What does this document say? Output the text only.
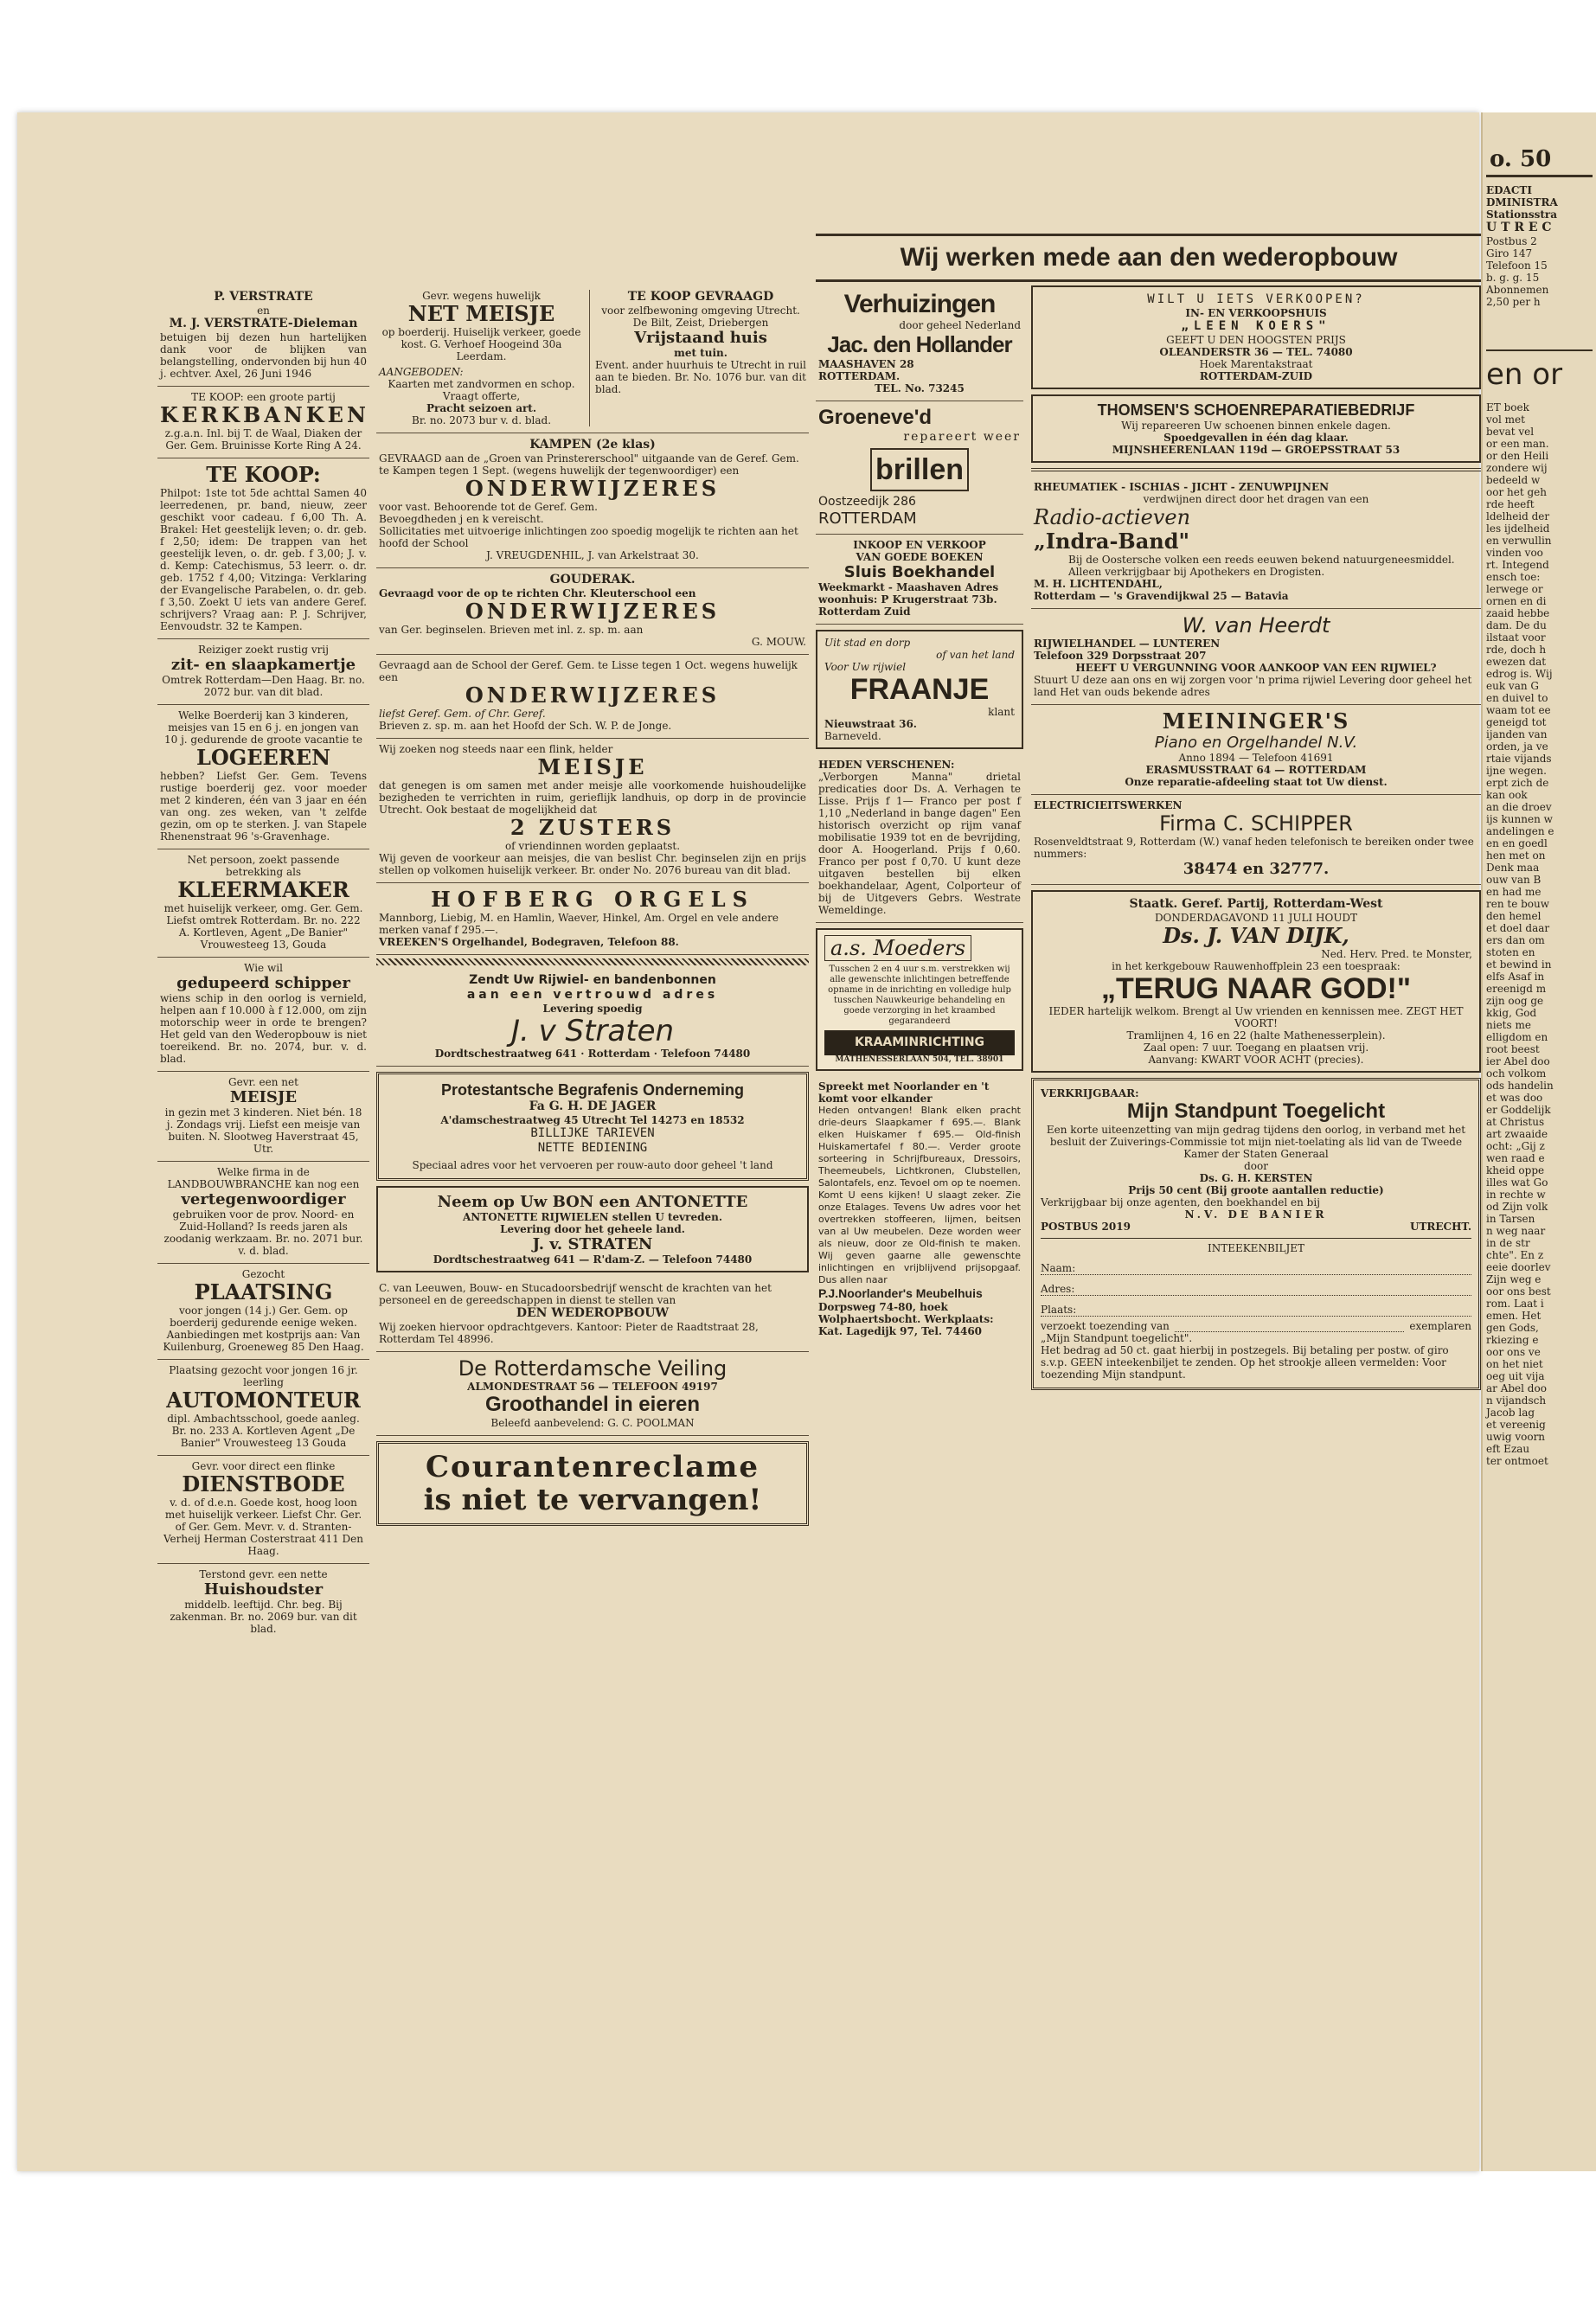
P. VERSTRATE
en
M. J. VERSTRATE-Dieleman
betuigen bij dezen hun hartelijken dank voor de blijken van belangstelling, ondervonden bij hun 40 j. echtver. Axel, 26 Juni 1946
TE KOOP: een groote partij
KERKBANKEN
z.g.a.n. Inl. bij T. de Waal, Diaken der Ger. Gem. Bruinisse Korte Ring A 24.
TE KOOP:
Philpot: 1ste tot 5de achttal Samen 40 leerredenen, pr. band, nieuw, zeer geschikt voor cadeau. f 6,00 Th. A. Brakel: Het geestelijk leven; o. dr. geb. f 2,50; idem: De trappen van het geestelijk leven, o. dr. geb. f 3,00; J. v. d. Kemp: Catechismus, 53 leerr. o. dr. geb. 1752 f 4,00; Vitzinga: Verklaring der Evangelische Parabelen, o. dr. geb. f 3,50. Zoekt U iets van andere Geref. schrijvers? Vraag aan: P. J. Schrijver, Eenvoudstr. 32 te Kampen.
Reiziger zoekt rustig vrij
zit- en slaapkamertje
Omtrek Rotterdam—Den Haag. Br. no. 2072 bur. van dit blad.
Welke Boerderij kan 3 kinderen, meisjes van 15 en 6 j. en jongen van 10 j. gedurende de groote vacantie te
LOGEEREN
hebben? Liefst Ger. Gem. Tevens rustige boerderij gez. voor moeder met 2 kinderen, één van 3 jaar en één van ong. zes weken, van 't zelfde gezin, om op te sterken. J. van Stapele Rhenenstraat 96 's-Gravenhage.
Net persoon, zoekt passende betrekking als
KLEERMAKER
met huiselijk verkeer, omg. Ger. Gem. Liefst omtrek Rotterdam. Br. no. 222 A. Kortleven, Agent „De Banier" Vrouwesteeg 13, Gouda
Wie wil
gedupeerd schipper
wiens schip in den oorlog is vernield, helpen aan f 10.000 à f 12.000, om zijn motorschip weer in orde te brengen? Het geld van den Wederopbouw is niet toereikend. Br. no. 2074, bur. v. d. blad.
Gevr. een net
MEISJE
in gezin met 3 kinderen. Niet bén. 18 j. Zondags vrij. Liefst een meisje van buiten. N. Slootweg Haverstraat 45, Utr.
Welke firma in de LANDBOUWBRANCHE kan nog een
vertegenwoordiger
gebruiken voor de prov. Noord- en Zuid-Holland? Is reeds jaren als zoodanig werkzaam. Br. no. 2071 bur. v. d. blad.
Gezocht
PLAATSING
voor jongen (14 j.) Ger. Gem. op boerderij gedurende eenige weken. Aanbiedingen met kostprijs aan: Van Kuilenburg, Groeneweg 85 Den Haag.
Plaatsing gezocht voor jongen 16 jr. leerling
AUTOMONTEUR
dipl. Ambachtsschool, goede aanleg. Br. no. 233 A. Kortleven Agent „De Banier" Vrouwesteeg 13 Gouda
Gevr. voor direct een flinke
DIENSTBODE
v. d. of d.e.n. Goede kost, hoog loon met huiselijk verkeer. Liefst Chr. Ger. of Ger. Gem. Mevr. v. d. Stranten-Verheij Herman Costerstraat 411 Den Haag.
Terstond gevr. een nette
Huishoudster
middelb. leeftijd. Chr. beg. Bij zakenman. Br. no. 2069 bur. van dit blad.
Gevr. wegens huwelijk
NET MEISJE
op boerderij. Huiselijk verkeer, goede kost. G. Verhoef Hoogeind 30a Leerdam.
AANGEBODEN:
Kaarten met zandvormen en schop. Vraagt offerte,
Pracht seizoen art.
Br. no. 2073 bur v. d. blad.
TE KOOP GEVRAAGD
voor zelfbewoning omgeving Utrecht. De Bilt, Zeist, Driebergen
Vrijstaand huis
met tuin.
Event. ander huurhuis te Utrecht in ruil aan te bieden. Br. No. 1076 bur. van dit blad.
KAMPEN (2e klas)
GEVRAAGD aan de „Groen van Prinstererschool" uitgaande van de Geref. Gem. te Kampen tegen 1 Sept. (wegens huwelijk der tegenwoordiger) een
ONDERWIJZERES
voor vast. Behoorende tot de Geref. Gem.
Bevoegdheden j en k vereischt.
Sollicitaties met uitvoerige inlichtingen zoo spoedig mogelijk te richten aan het hoofd der School
J. VREUGDENHIL, J. van Arkelstraat 30.
GOUDERAK.
Gevraagd voor de op te richten Chr. Kleuterschool een
ONDERWIJZERES
van Ger. beginselen. Brieven met inl. z. sp. m. aan
G. MOUW.
Gevraagd aan de School der Geref. Gem. te Lisse tegen 1 Oct. wegens huwelijk een
ONDERWIJZERES
liefst Geref. Gem. of Chr. Geref.
Brieven z. sp. m. aan het Hoofd der Sch. W. P. de Jonge.
Wij zoeken nog steeds naar een flink, helder
MEISJE
dat genegen is om samen met ander meisje alle voorkomende huishoudelijke bezigheden te verrichten in ruim, gerieflijk landhuis, op dorp in de provincie Utrecht. Ook bestaat de mogelijkheid dat
2 ZUSTERS
of vriendinnen worden geplaatst.
Wij geven de voorkeur aan meisjes, die van beslist Chr. beginselen zijn en prijs stellen op volkomen huiselijk verkeer. Br. onder No. 2076 bureau van dit blad.
HOFBERG ORGELS
Mannborg, Liebig, M. en Hamlin, Waever, Hinkel, Am. Orgel en vele andere merken vanaf f 295.—.
VREEKEN'S Orgelhandel, Bodegraven, Telefoon 88.
Zendt Uw Rijwiel- en bandenbonnen
aan een vertrouwd adres
Levering spoedig
J. v Straten
Dordtschestraatweg 641 · Rotterdam · Telefoon 74480
Protestantsche Begrafenis Onderneming
Fa G. H. DE JAGER
A'damschestraatweg 45 Utrecht Tel 14273 en 18532
BILLIJKE TARIEVEN
NETTE BEDIENING
Speciaal adres voor het vervoeren per rouw-auto door geheel 't land
Neem op Uw BON een ANTONETTE
ANTONETTE RIJWIELEN stellen U tevreden.
Levering door het geheele land.
J. v. STRATEN
Dordtschestraatweg 641 — R'dam-Z. — Telefoon 74480
C. van Leeuwen, Bouw- en Stucadoorsbedrijf wenscht de krachten van het personeel en de gereedschappen in dienst te stellen van
DEN WEDEROPBOUW
Wij zoeken hiervoor opdrachtgevers. Kantoor: Pieter de Raadtstraat 28, Rotterdam Tel 48996.
De Rotterdamsche Veiling
ALMONDESTRAAT 56 — TELEFOON 49197
Groothandel in eieren
Beleefd aanbevelend: G. C. POOLMAN
Courantenreclame
is niet te vervangen!
Verhuizingen
door geheel Nederland
Jac. den Hollander
MAASHAVEN 28
ROTTERDAM.
TEL. No. 73245
Groeneve'd
repareert weer
brillen
Oostzeedijk 286
ROTTERDAM
INKOOP EN VERKOOP
VAN GOEDE BOEKEN
Sluis Boekhandel
Weekmarkt - Maashaven Adres woonhuis: P Krugerstraat 73b. Rotterdam Zuid
Uit stad en dorp
of van het land
Voor Uw rijwiel
FRAANJE
klant
Nieuwstraat 36.
Barneveld.
HEDEN VERSCHENEN:
„Verborgen Manna" drietal predicaties door Ds. A. Verhagen te Lisse. Prijs f 1— Franco per post f 1,10 „Nederland in bange dagen" Een historisch overzicht op rijm vanaf mobilisatie 1939 tot en de bevrijding, door A. Hoogerland. Prijs f 0,60. Franco per post f 0,70. U kunt deze uitgaven bestellen bij elken boekhandelaar, Agent, Colporteur of bij de Uitgevers Gebrs. Westrate Wemeldinge.
a.s. Moeders
Tusschen 2 en 4 uur s.m. verstrekken wij alle gewenschte inlichtingen betreffende opname in de inrichting en volledige hulp tusschen Nauwkeurige behandeling en goede verzorging in het kraambed gegarandeerd
KRAAMINRICHTING
MATHENESSERLAAN 504, TEL. 38901
Spreekt met Noorlander en 't komt voor elkander
Heden ontvangen! Blank elken pracht drie-deurs Slaapkamer f 695.—. Blank elken Huiskamer f 695.— Old-finish Huiskamertafel f 80.—. Verder groote sorteering in Schrijfbureaux, Dressoirs, Theemeubels, Lichtkronen, Clubstellen, Salontafels, enz. Tevoel om op te noemen. Komt U eens kijken! U slaagt zeker. Zie onze Etalages. Tevens Uw adres voor het overtrekken stoffeeren, lijmen, beitsen van al Uw meubelen. Deze worden weer als nieuw, door ze Old-finish te maken. Wij geven gaarne alle gewenschte inlichtingen en vrijblijvend prijsopgaaf. Dus allen naar
P.J.Noorlander's Meubelhuis
Dorpsweg 74-80, hoek Wolphaertsbocht. Werkplaats: Kat. Lagedijk 97, Tel. 74460
WILT U IETS VERKOOPEN?
IN- EN VERKOOPSHUIS
„LEEN KOERS"
GEEFT U DEN HOOGSTEN PRIJS
OLEANDERSTR 36 — TEL. 74080
Hoek Marentakstraat
ROTTERDAM-ZUID
THOMSEN'S SCHOENREPARATIEBEDRIJF
Wij repareeren Uw schoenen binnen enkele dagen.
Spoedgevallen in één dag klaar.
MIJNSHEERENLAAN 119d — GROEPSSTRAAT 53
RHEUMATIEK - ISCHIAS - JICHT - ZENUWPIJNEN
verdwijnen direct door het dragen van een
Radio-actieven
„Indra-Band"
Bij de Oostersche volken een reeds eeuwen bekend natuurgeneesmiddel. Alleen verkrijgbaar bij Apothekers en Drogisten.
M. H. LICHTENDAHL,
Rotterdam — 's Gravendijkwal 25 — Batavia
W. van Heerdt
RIJWIELHANDEL — LUNTEREN
Telefoon 329 Dorpsstraat 207
HEEFT U VERGUNNING VOOR AANKOOP VAN EEN RIJWIEL?
Stuurt U deze aan ons en wij zorgen voor 'n prima rijwiel Levering door geheel het land Het van ouds bekende adres
MEININGER'S
Piano en Orgelhandel N.V.
Anno 1894 — Telefoon 41691
ERASMUSSTRAAT 64 — ROTTERDAM
Onze reparatie-afdeeling staat tot Uw dienst.
ELECTRICIEITSWERKEN
Firma C. SCHIPPER
Rosenveldtstraat 9, Rotterdam (W.) vanaf heden telefonisch te bereiken onder twee nummers:
38474 en 32777.
Staatk. Geref. Partij, Rotterdam-West
DONDERDAGAVOND 11 JULI HOUDT
Ds. J. VAN DIJK,
Ned. Herv. Pred. te Monster,
in het kerkgebouw Rauwenhoffplein 23 een toespraak:
„TERUG NAAR GOD!"
IEDER hartelijk welkom. Brengt al Uw vrienden en kennissen mee. ZEGT HET VOORT!
Tramlijnen 4, 16 en 22 (halte Mathenesserplein).
Zaal open: 7 uur. Toegang en plaatsen vrij.
Aanvang: KWART VOOR ACHT (precies).
VERKRIJGBAAR:
Mijn Standpunt Toegelicht
Een korte uiteenzetting van mijn gedrag tijdens den oorlog, in verband met het besluit der Zuiverings-Commissie tot mijn niet-toelating als lid van de Tweede Kamer der Staten Generaal
door
Ds. G. H. KERSTEN
Prijs 50 cent (Bij groote aantallen reductie)
Verkrijgbaar bij onze agenten, den boekhandel en bij
N.V. DE BANIER
POSTBUS 2019	UTRECHT.
INTEEKENBILJET
Naam:
Adres:
Plaats:
verzoekt toezending van	exemplaren
„Mijn Standpunt toegelicht".
Het bedrag ad 50 ct. gaat hierbij in postzegels. Bij betaling per postw. of giro s.v.p. GEEN inteekenbiljet te zenden. Op het strookje alleen vermelden: Voor toezending Mijn standpunt.
Wij werken mede aan den wederopbouw
o. 50
EDACTI
DMINISTRA
Stationsstra
U T R E C
Postbus 2
Giro 147
Telefoon 15
b. g. g. 15
Abonnemen
2,50 per h
en or
ET boek
vol met
bevat vel
or een man.
or den Heili
zondere wij
bedeeld w
oor het geh
rde heeft
ldelheid der
les ijdelheid
en verwullin
vinden voo
rt. Integend
ensch toe:
lerwege or
ornen en di
zaaid hebbe
dam. De du
ilstaat voor
rde, doch h
ewezen dat
edrog is. Wij
euk van G
en duivel to
waam tot ee
geneigd tot
ijanden van
orden, ja ve
rtaie vijands
ijne wegen.
erpt zich de
kan ook
an die droev
ijs kunnen w
andelingen e
en en goedl
hen met on
Denk maa
ouw van B
en had me
ren te bouw
den hemel
et doel daar
ers dan om
stoten en
et bewind in
elfs Asaf in
ereenigd m
zijn oog ge
kkig, God
niets me
elligdom en
root beest
ier Abel doo
och volkom
ods handelin
et was doo
er Goddelijk
at Christus
art zwaaide
ocht: „Gij z
wen raad e
kheid oppe
illes wat Go
in rechte w
od Zijn volk
in Tarsen
n weg naar
in de str
chte". En z
eeie doorlev
Zijn weg e
oor ons best
rom. Laat i
emen. Het
gen Gods,
rkiezing e
oor ons ve
on het niet
oeg uit vija
ar Abel doo
n vijandsch
Jacob lag
et vereenig
uwig voorn
eft Ezau
ter ontmoet
